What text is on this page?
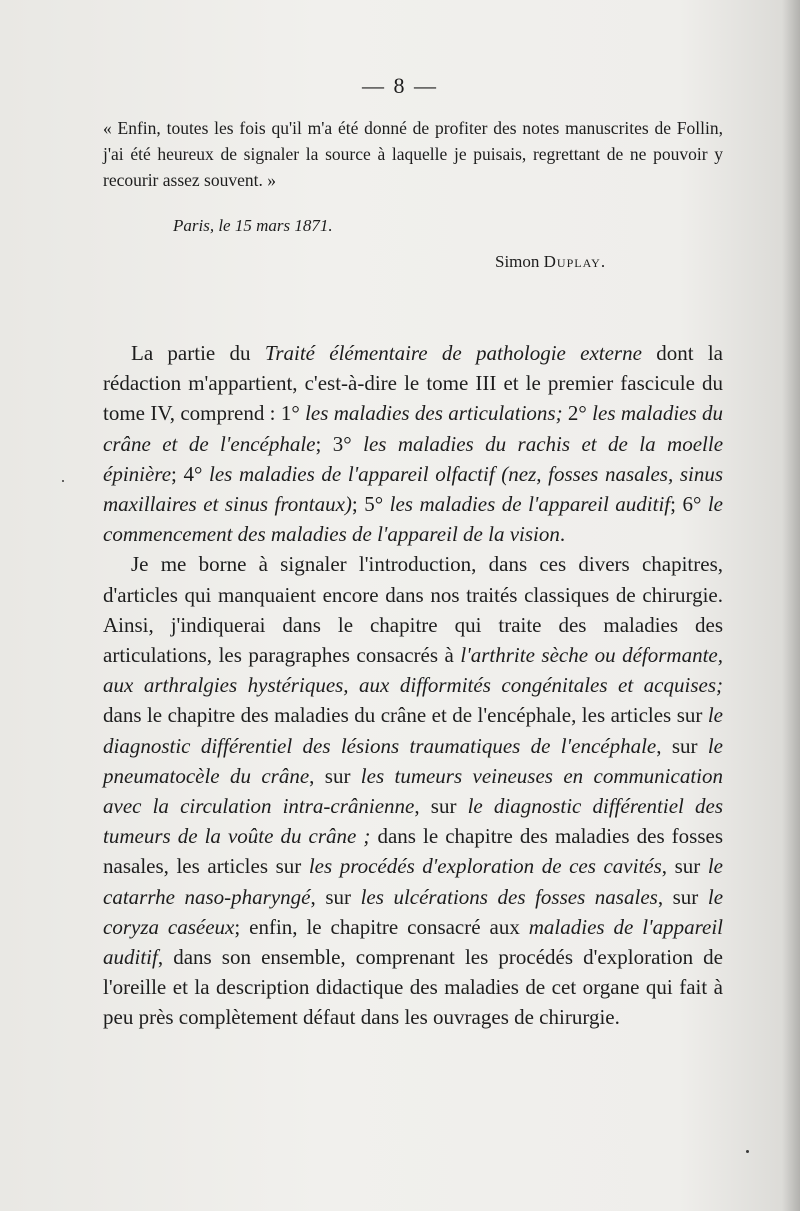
— 8 —
« Enfin, toutes les fois qu'il m'a été donné de profiter des notes manuscrites de Follin, j'ai été heureux de signaler la source à laquelle je puisais, regrettant de ne pouvoir y recourir assez souvent. »
Paris, le 15 mars 1871.
Simon Duplay.

La partie du Traité élémentaire de pathologie externe dont la rédaction m'appartient, c'est-à-dire le tome III et le premier fascicule du tome IV, comprend : 1° les maladies des articulations; 2° les maladies du crâne et de l'encéphale; 3° les maladies du rachis et de la moelle épinière; 4° les maladies de l'appareil olfactif (nez, fosses nasales, sinus maxillaires et sinus frontaux); 5° les maladies de l'appareil auditif; 6° le commencement des maladies de l'appareil de la vision.

Je me borne à signaler l'introduction, dans ces divers chapitres, d'articles qui manquaient encore dans nos traités classiques de chirurgie. Ainsi, j'indiquerai dans le chapitre qui traite des maladies des articulations, les paragraphes consacrés à l'arthrite sèche ou déformante, aux arthralgies hystériques, aux difformités congénitales et acquises; dans le chapitre des maladies du crâne et de l'encéphale, les articles sur le diagnostic différentiel des lésions traumatiques de l'encéphale, sur le pneumatocèle du crâne, sur les tumeurs veineuses en communication avec la circulation intra-crânienne, sur le diagnostic différentiel des tumeurs de la voûte du crâne ; dans le chapitre des maladies des fosses nasales, les articles sur les procédés d'exploration de ces cavités, sur le catarrhe naso-pharyngé, sur les ulcérations des fosses nasales, sur le coryza caséeux; enfin, le chapitre consacré aux maladies de l'appareil auditif, dans son ensemble, comprenant les procédés d'exploration de l'oreille et la description didactique des maladies de cet organe qui fait à peu près complètement défaut dans les ouvrages de chirurgie.
